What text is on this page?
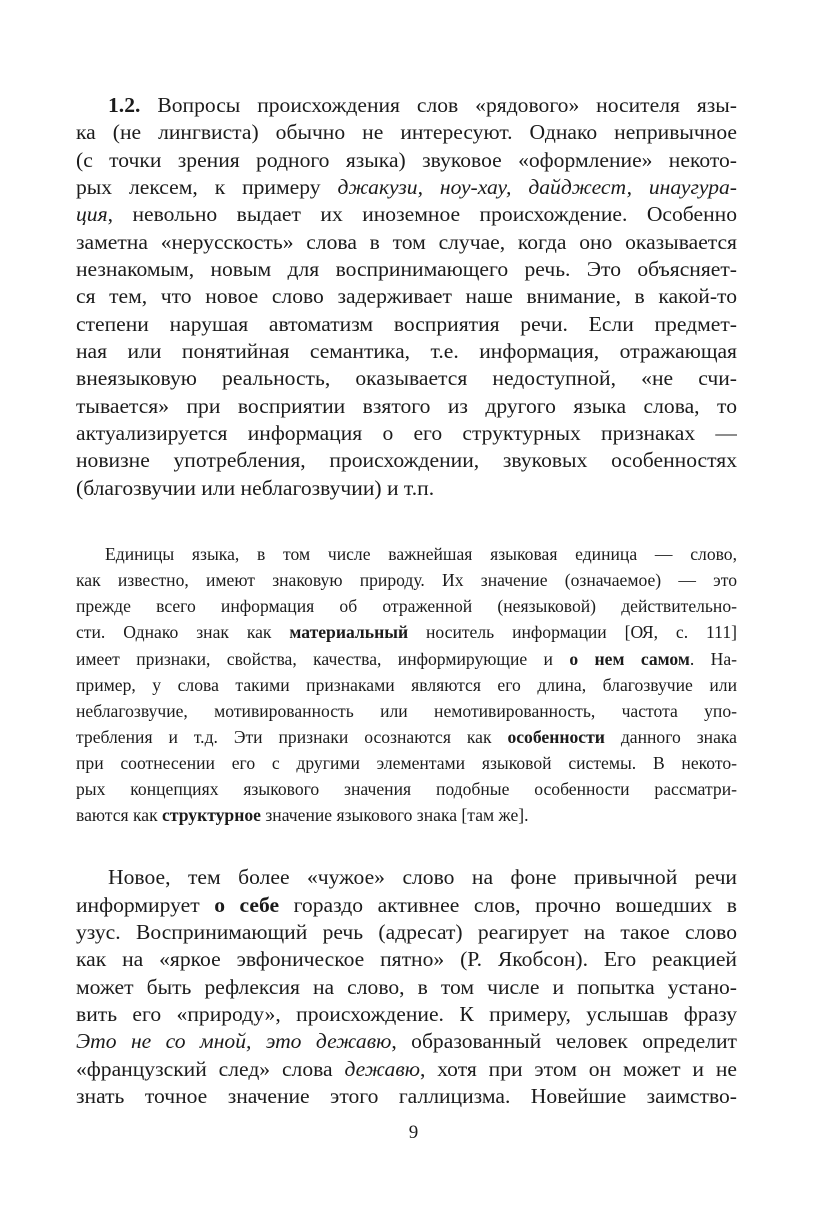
1.2. Вопросы происхождения слов «рядового» носителя язы-
ка (не лингвиста) обычно не интересуют. Однако непривычное
(с точки зрения родного языка) звуковое «оформление» некото-
рых лексем, к примеру джакузи, ноу-хау, дайджест, инаугура-
ция, невольно выдает их иноземное происхождение. Особенно
заметна «нерусскость» слова в том случае, когда оно оказывается
незнакомым, новым для воспринимающего речь. Это объясняет-
ся тем, что новое слово задерживает наше внимание, в какой-то
степени нарушая автоматизм восприятия речи. Если предмет-
ная или понятийная семантика, т.е. информация, отражающая
внеязыковую реальность, оказывается недоступной, «не счи-
тывается» при восприятии взятого из другого языка слова, то
актуализируется информация о его структурных признаках —
новизне употребления, происхождении, звуковых особенностях
(благозвучии или неблагозвучии) и т.п.
Единицы языка, в том числе важнейшая языковая единица — слово,
как известно, имеют знаковую природу. Их значение (означаемое) — это
прежде всего информация об отраженной (неязыковой) действительно-
сти. Однако знак как материальный носитель информации [ОЯ, с. 111]
имеет признаки, свойства, качества, информирующие и о нем самом. На-
пример, у слова такими признаками являются его длина, благозвучие или
неблагозвучие, мотивированность или немотивированность, частота упо-
требления и т.д. Эти признаки осознаются как особенности данного знака
при соотнесении его с другими элементами языковой системы. В некото-
рых концепциях языкового значения подобные особенности рассматри-
ваются как структурное значение языкового знака [там же].
Новое, тем более «чужое» слово на фоне привычной речи
информирует о себе гораздо активнее слов, прочно вошедших в
узус. Воспринимающий речь (адресат) реагирует на такое слово
как на «яркое эвфоническое пятно» (Р. Якобсон). Его реакцией
может быть рефлексия на слово, в том числе и попытка устано-
вить его «природу», происхождение. К примеру, услышав фразу
Это не со мной, это дежавю, образованный человек определит
«французский след» слова дежавю, хотя при этом он может и не
знать точное значение этого галлицизма. Новейшие заимство-
9
